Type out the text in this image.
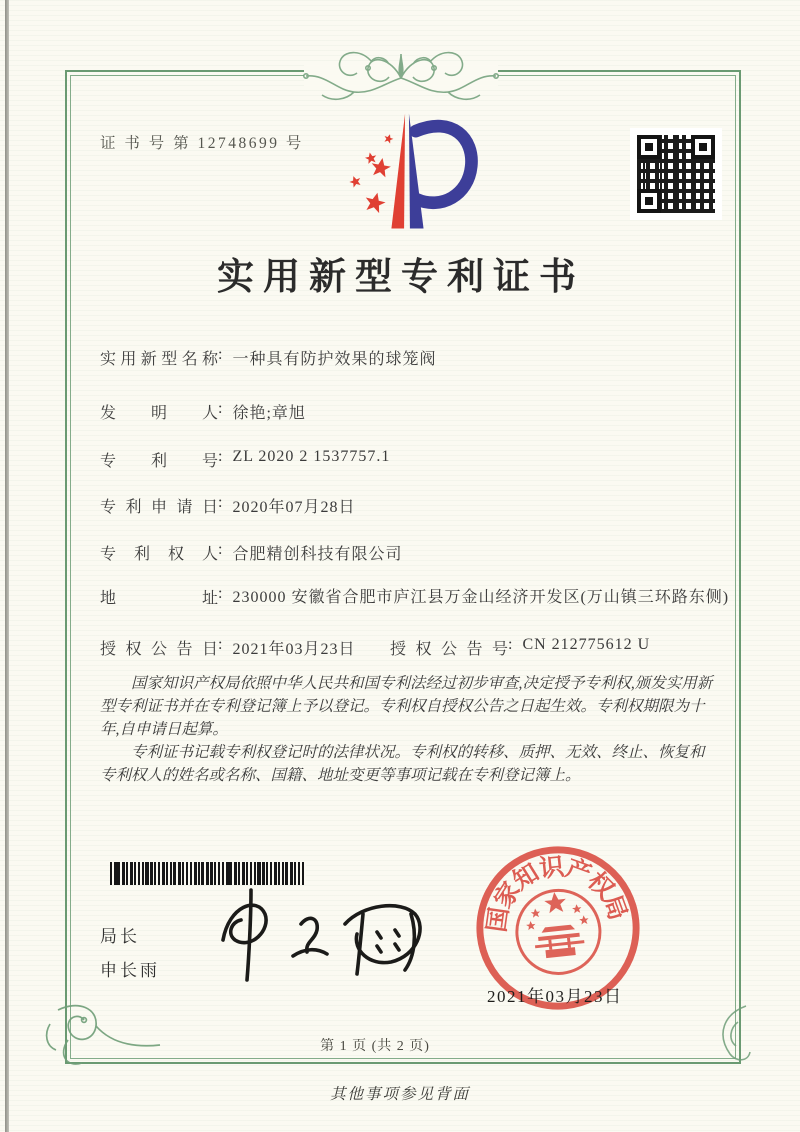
证 书 号 第 12748699 号
实用新型专利证书
实用新型名称: 一种具有防护效果的球笼阀
发明人: 徐艳;章旭
专利号: ZL 2020 2 1537757.1
专利申请日: 2020年07月28日
专利权人: 合肥精创科技有限公司
地址: 230000 安徽省合肥市庐江县万金山经济开发区(万山镇三环路东侧)
授权公告日: 2021年03月23日 授权公告号: CN 212775612 U

国家知识产权局依照中华人民共和国专利法经过初步审查,决定授予专利权,颁发实用新型专利证书并在专利登记簿上予以登记。专利权自授权公告之日起生效。专利权期限为十年,自申请日起算。

专利证书记载专利权登记时的法律状况。专利权的转移、质押、无效、终止、恢复和专利权人的姓名或名称、国籍、地址变更等事项记载在专利登记簿上。

局长
申长雨
国
家
知
识
产
权
局
2021年03月23日
第 1 页 (共 2 页)
其他事项参见背面
